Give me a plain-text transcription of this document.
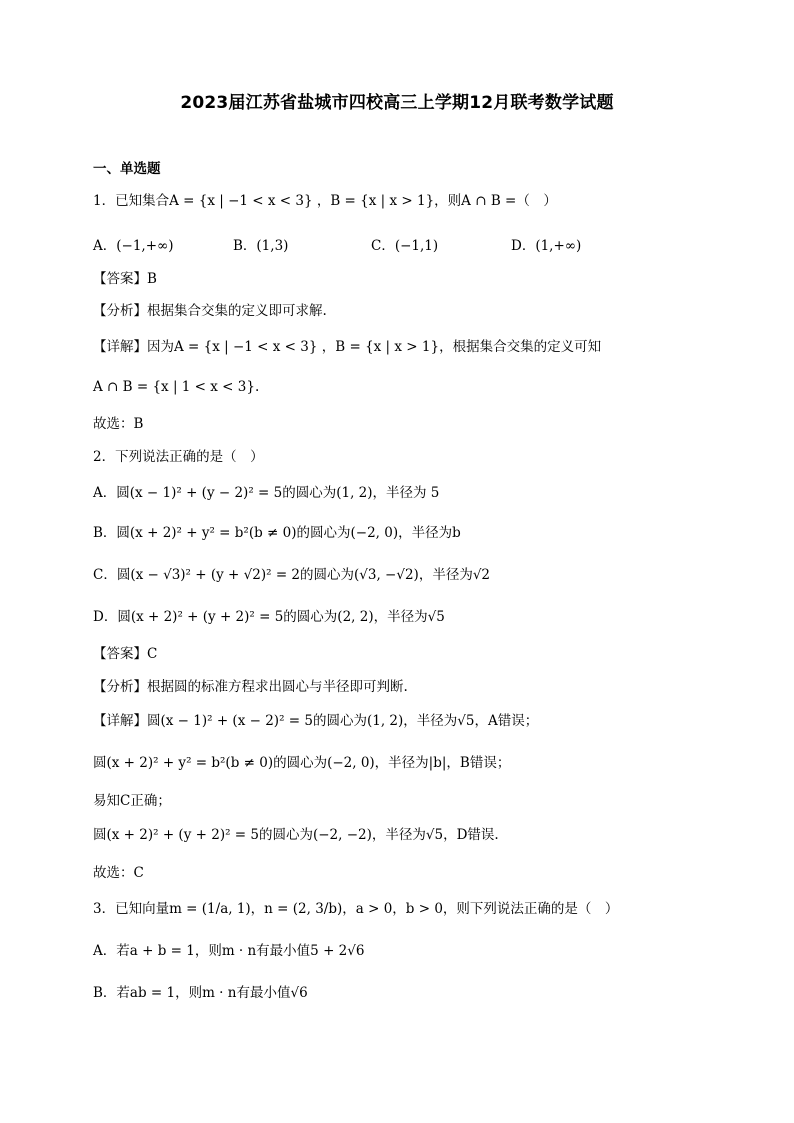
2023届江苏省盐城市四校高三上学期12月联考数学试题
一、单选题
1．已知集合A = {x | −1 < x < 3} ，B = {x | x > 1}，则A ∩ B =（　）
A．(−1,+∞)	B．(1,3)	C．(−1,1)	D．(1,+∞)
【答案】B
【分析】根据集合交集的定义即可求解.
【详解】因为A = {x | −1 < x < 3} ，B = {x | x > 1}，根据集合交集的定义可知
A ∩ B = {x | 1 < x < 3}.
故选：B
2．下列说法正确的是（　）
A．圆(x − 1)² + (y − 2)² = 5的圆心为(1, 2)，半径为 5
B．圆(x + 2)² + y² = b²(b ≠ 0)的圆心为(−2, 0)，半径为b
C．圆(x − √3)² + (y + √2)² = 2的圆心为(√3, −√2)，半径为√2
D．圆(x + 2)² + (y + 2)² = 5的圆心为(2, 2)，半径为√5
【答案】C
【分析】根据圆的标准方程求出圆心与半径即可判断.
【详解】圆(x − 1)² + (x − 2)² = 5的圆心为(1, 2)，半径为√5，A错误；
圆(x + 2)² + y² = b²(b ≠ 0)的圆心为(−2, 0)，半径为|b|，B错误；
易知C正确；
圆(x + 2)² + (y + 2)² = 5的圆心为(−2, −2)，半径为√5，D错误.
故选：C
3．已知向量m = (1/a, 1)，n = (2, 3/b)，a > 0，b > 0，则下列说法正确的是（　）
A．若a + b = 1，则m · n有最小值5 + 2√6
B．若ab = 1，则m · n有最小值√6
